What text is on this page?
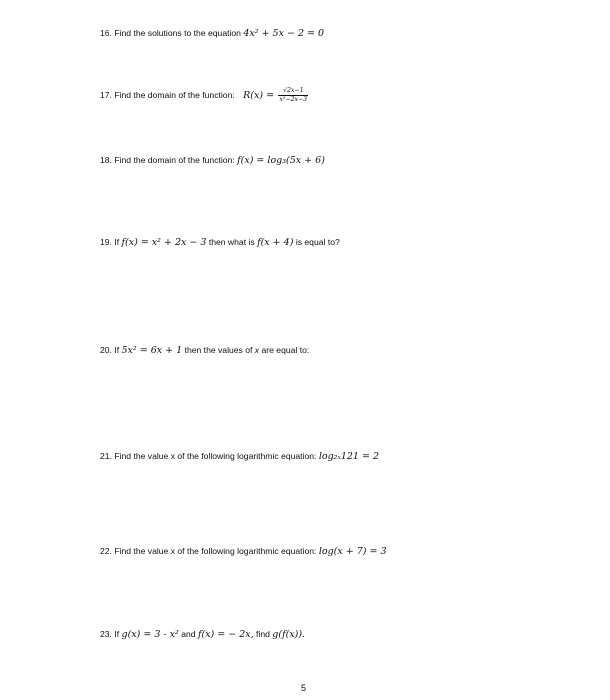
16. Find the solutions to the equation 4x² + 5x − 2 = 0
17. Find the domain of the function: $R(x) = \frac{√2x-1}{\text{x²−2x−3}}$
18. Find the domain of the function: f(x) = log₃(5x + 6)
19. If f(x) = x² + 2x − 3 then what is f(x + 4) is equal to?
20. If 5x² = 6x + 1 then the values of x are equal to:
21. Find the value x of the following logarithmic equation: log₂ₓ121 = 2
22. Find the value x of the following logarithmic equation: log(x + 7) = 3
23. If g(x) = 3 - x² and f(x) = − 2x, find g(f(x)).
5
